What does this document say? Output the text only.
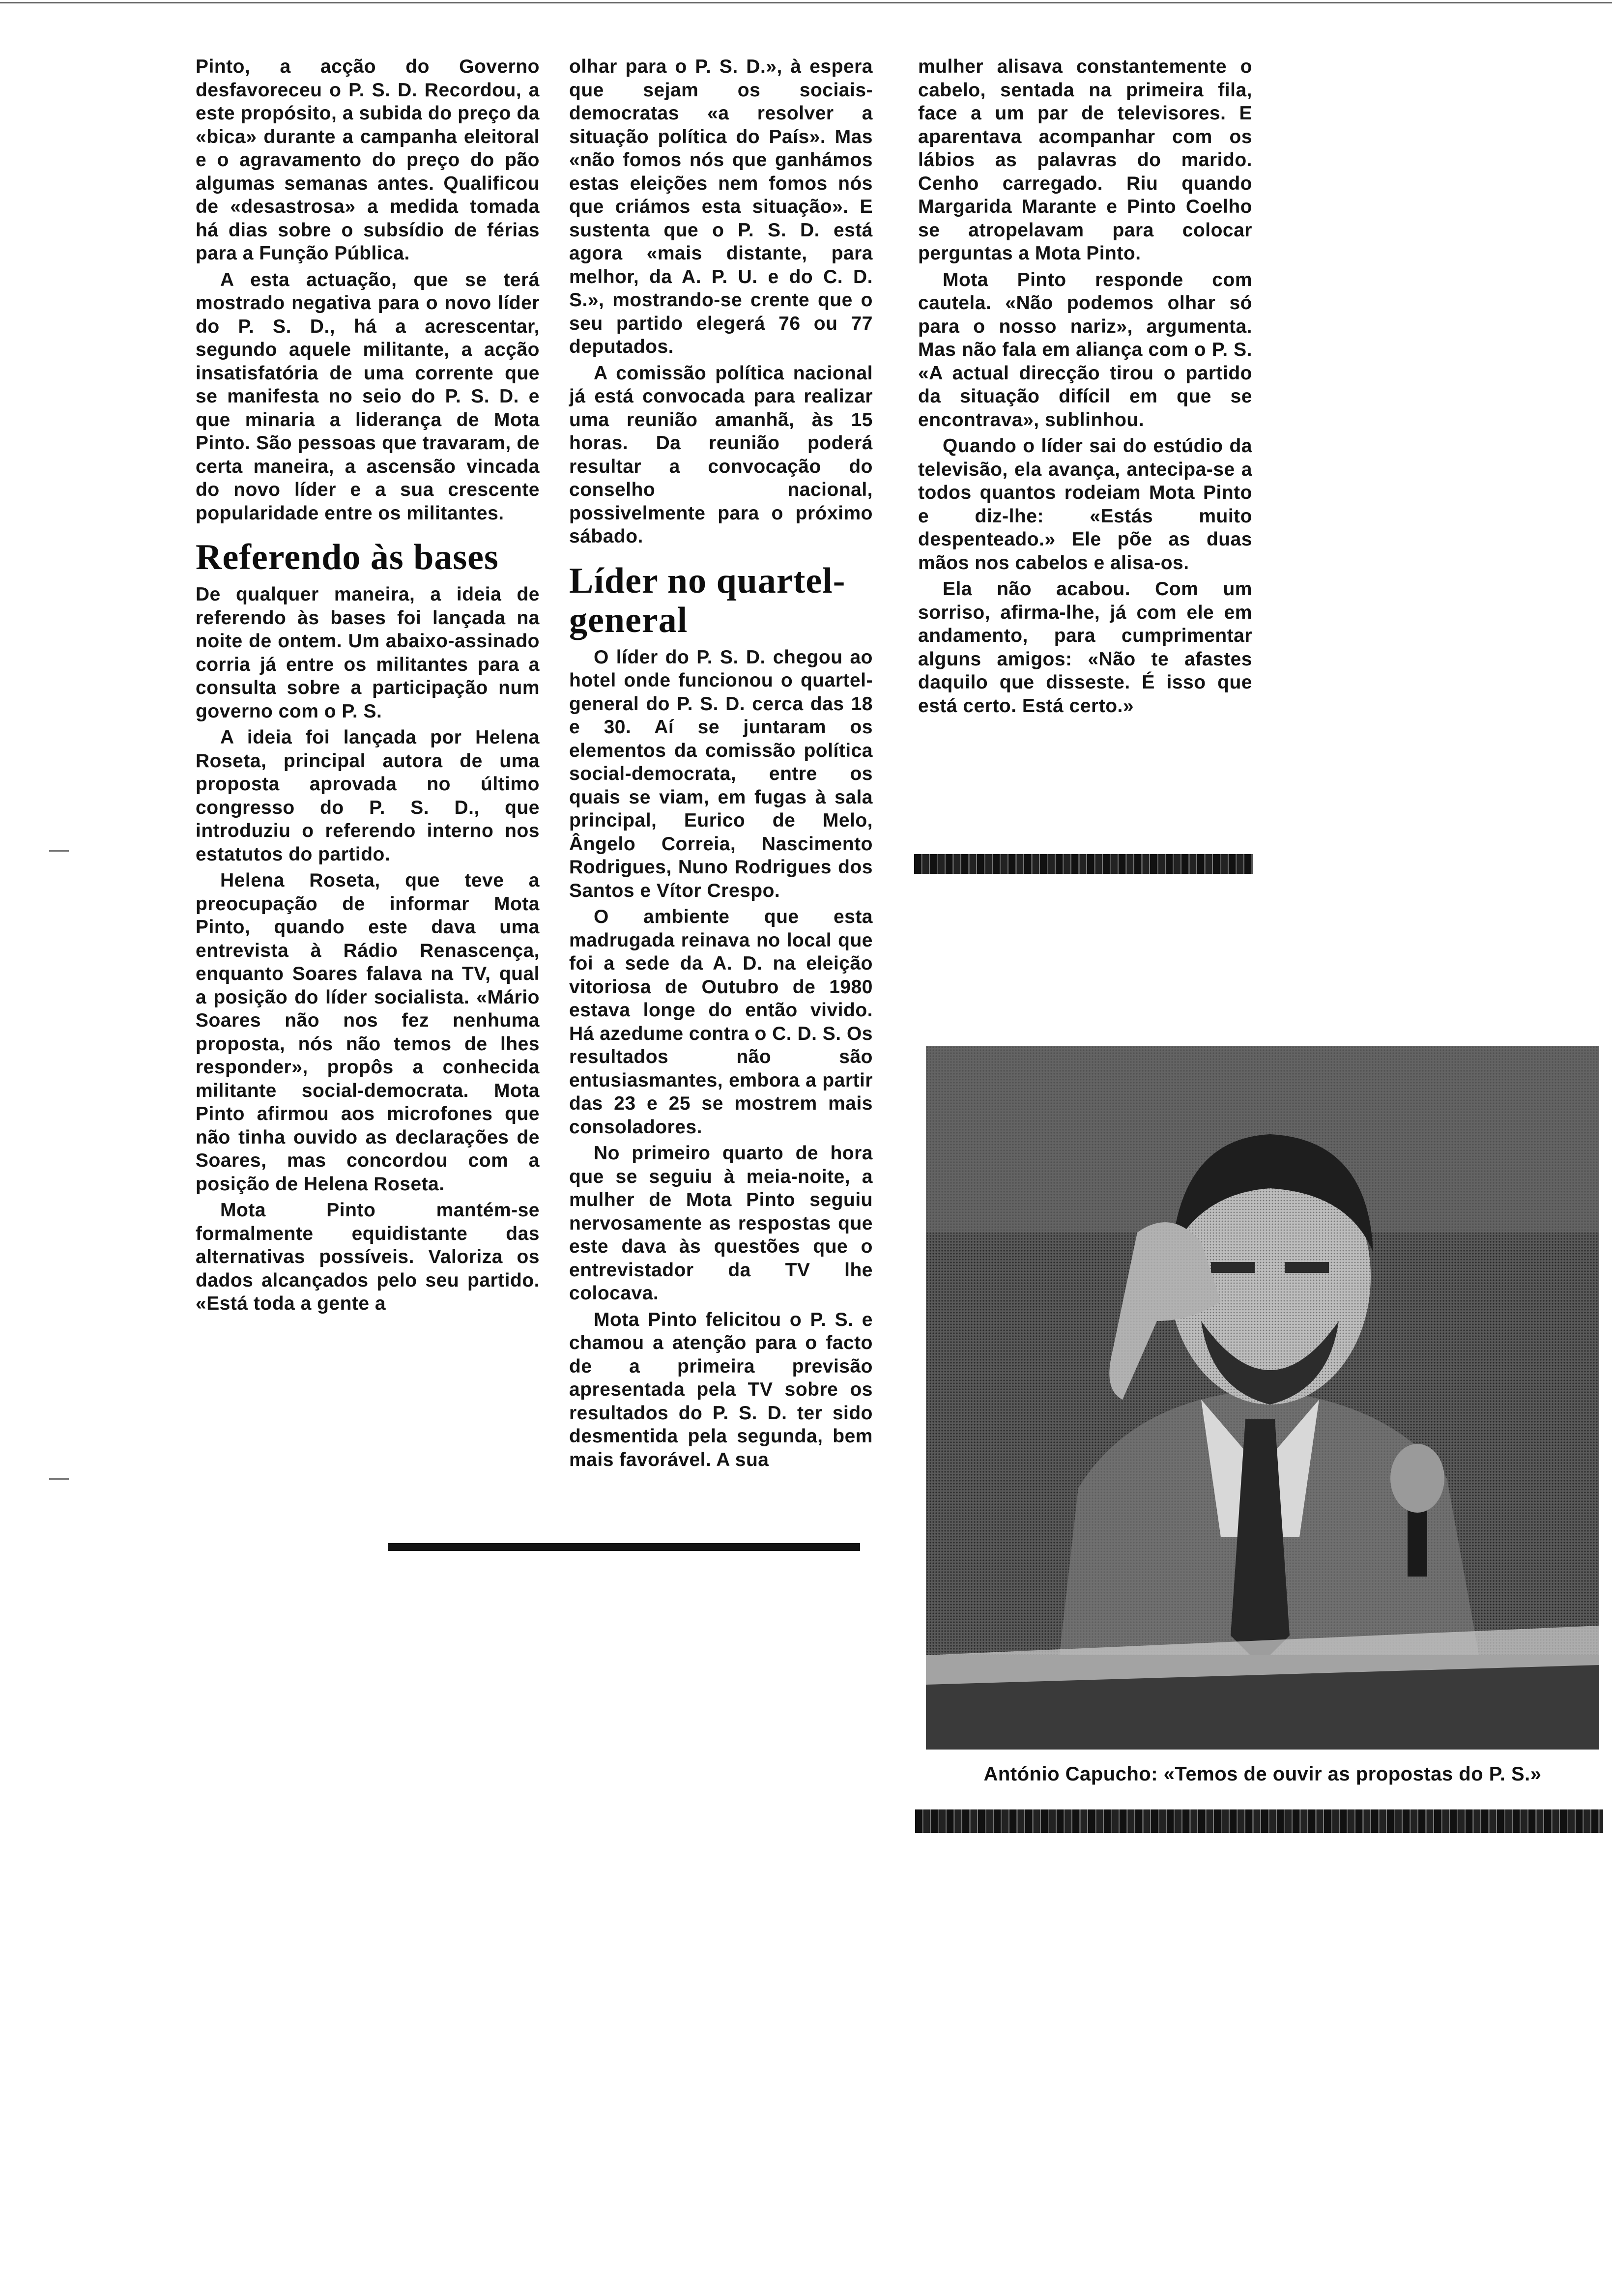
Pinto, a acção do Governo desfavoreceu o P. S. D. Recordou, a este propósito, a subida do preço da «bica» durante a campanha eleitoral e o agravamento do preço do pão algumas semanas antes. Qualificou de «desastrosa» a medida tomada há dias sobre o subsídio de férias para a Função Pública.

A esta actuação, que se terá mostrado negativa para o novo líder do P. S. D., há a acrescentar, segundo aquele militante, a acção insatisfatória de uma corrente que se manifesta no seio do P. S. D. e que minaria a liderança de Mota Pinto. São pessoas que travaram, de certa maneira, a ascensão vincada do novo líder e a sua crescente popularidade entre os militantes.

Referendo às bases

De qualquer maneira, a ideia de referendo às bases foi lançada na noite de ontem. Um abaixo-assinado corria já entre os militantes para a consulta sobre a participação num governo com o P. S.

A ideia foi lançada por Helena Roseta, principal autora de uma proposta aprovada no último congresso do P. S. D., que introduziu o referendo interno nos estatutos do partido.

Helena Roseta, que teve a preocupação de informar Mota Pinto, quando este dava uma entrevista à Rádio Renascença, enquanto Soares falava na TV, qual a posição do líder socialista. «Mário Soares não nos fez nenhuma proposta, nós não temos de lhes responder», propôs a conhecida militante social-democrata. Mota Pinto afirmou aos microfones que não tinha ouvido as declarações de Soares, mas concordou com a posição de Helena Roseta.

Mota Pinto mantém-se formalmente equidistante das alternativas possíveis. Valoriza os dados alcançados pelo seu partido. «Está toda a gente a

olhar para o P. S. D.», à espera que sejam os sociais-democratas «a resolver a situação política do País». Mas «não fomos nós que ganhámos estas eleições nem fomos nós que criámos esta situação». E sustenta que o P. S. D. está agora «mais distante, para melhor, da A. P. U. e do C. D. S.», mostrando-se crente que o seu partido elegerá 76 ou 77 deputados.

A comissão política nacional já está convocada para realizar uma reunião amanhã, às 15 horas. Da reunião poderá resultar a convocação do conselho nacional, possivelmente para o próximo sábado.

Líder no quartel-general

O líder do P. S. D. chegou ao hotel onde funcionou o quartel-general do P. S. D. cerca das 18 e 30. Aí se juntaram os elementos da comissão política social-democrata, entre os quais se viam, em fugas à sala principal, Eurico de Melo, Ângelo Correia, Nascimento Rodrigues, Nuno Rodrigues dos Santos e Vítor Crespo.

O ambiente que esta madrugada reinava no local que foi a sede da A. D. na eleição vitoriosa de Outubro de 1980 estava longe do então vivido. Há azedume contra o C. D. S. Os resultados não são entusiasmantes, embora a partir das 23 e 25 se mostrem mais consoladores.

No primeiro quarto de hora que se seguiu à meia-noite, a mulher de Mota Pinto seguiu nervosamente as respostas que este dava às questões que o entrevistador da TV lhe colocava.

Mota Pinto felicitou o P. S. e chamou a atenção para o facto de a primeira previsão apresentada pela TV sobre os resultados do P. S. D. ter sido desmentida pela segunda, bem mais favorável. A sua

mulher alisava constantemente o cabelo, sentada na primeira fila, face a um par de televisores. E aparentava acompanhar com os lábios as palavras do marido. Cenho carregado. Riu quando Margarida Marante e Pinto Coelho se atropelavam para colocar perguntas a Mota Pinto.

Mota Pinto responde com cautela. «Não podemos olhar só para o nosso nariz», argumenta. Mas não fala em aliança com o P. S. «A actual direcção tirou o partido da situação difícil em que se encontrava», sublinhou.

Quando o líder sai do estúdio da televisão, ela avança, antecipa-se a todos quantos rodeiam Mota Pinto e diz-lhe: «Estás muito despenteado.» Ele põe as duas mãos nos cabelos e alisa-os.

Ela não acabou. Com um sorriso, afirma-lhe, já com ele em andamento, para cumprimentar alguns amigos: «Não te afastes daquilo que disseste. É isso que está certo. Está certo.»

António Capucho: «Temos de ouvir as propostas do P. S.»
